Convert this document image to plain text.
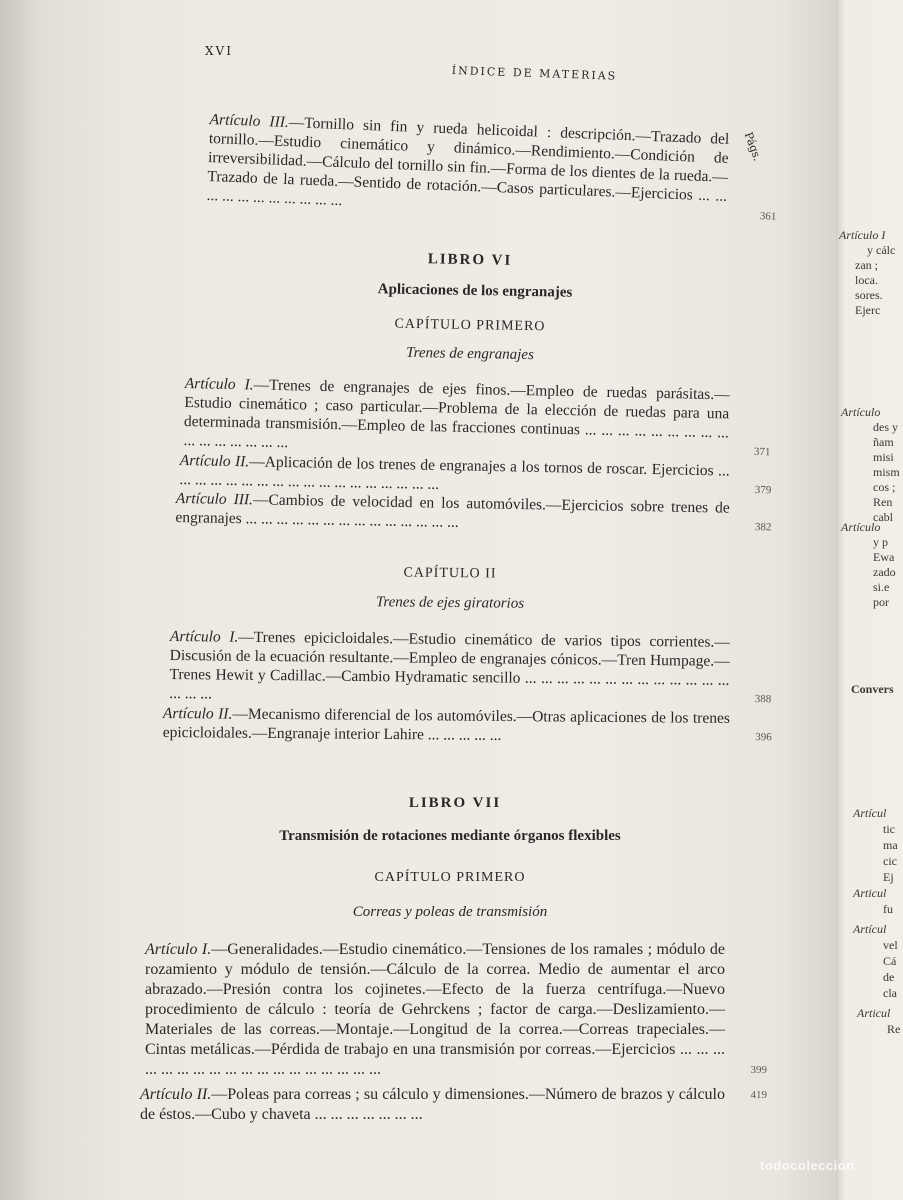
XVI
ÍNDICE DE MATERIAS
Págs.
Artículo III.—Tornillo sin fin y rueda helicoidal : descripción.—Trazado del tornillo.—Estudio cinemático y dinámico.—Rendimiento.—Condición de irreversibilidad.—Cálculo del tornillo sin fin.—Forma de los dientes de la rueda.—Trazado de la rueda.—Sentido de rotación.—Casos particulares.—Ejercicios ... ... ... ... ... ... ... ... ... ... ...
361
LIBRO VI
Aplicaciones de los engranajes
CAPÍTULO PRIMERO
Trenes de engranajes
Artículo I.—Trenes de engranajes de ejes finos.—Empleo de ruedas parásitas.—Estudio cinemático ; caso particular.—Problema de la elección de ruedas para una determinada transmisión.—Empleo de las fracciones continuas ... ... ... ... ... ... ... ... ... ... ... ... ... ... ... ...
371
Artículo II.—Aplicación de los trenes de engranajes a los tornos de roscar. Ejercicios ... ... ... ... ... ... ... ... ... ... ... ... ... ... ... ... ... ...	379
Artículo III.—Cambios de velocidad en los automóviles.—Ejercicios sobre trenes de engranajes ... ... ... ... ... ... ... ... ... ... ... ... ... ...	382
CAPÍTULO II
Trenes de ejes giratorios
Artículo I.—Trenes epicicloidales.—Estudio cinemático de varios tipos corrientes.—Discusión de la ecuación resultante.—Empleo de engranajes cónicos.—Tren Humpage.—Trenes Hewit y Cadillac.—Cambio Hydramatic sencillo ... ... ... ... ... ... ... ... ... ... ... ... ... ... ... ...	388
Artículo II.—Mecanismo diferencial de los automóviles.—Otras aplicaciones de los trenes epicicloidales.—Engranaje interior Lahire ... ... ... ... ...	396
LIBRO VII
Transmisión de rotaciones mediante órganos flexibles
CAPÍTULO PRIMERO
Correas y poleas de transmisión
Artículo I.—Generalidades.—Estudio cinemático.—Tensiones de los ramales ; módulo de rozamiento y módulo de tensión.—Cálculo de la correa. Medio de aumentar el arco abrazado.—Presión contra los cojinetes.—Efecto de la fuerza centrífuga.—Nuevo procedimiento de cálculo : teoría de Gehrckens ; factor de carga.—Deslizamiento.—Materiales de las correas.—Montaje.—Longitud de la correa.—Correas trapeciales.—Cintas metálicas.—Pérdida de trabajo en una transmisión por correas.—Ejercicios ... ... ... ... ... ... ... ... ... ... ... ... ... ... ... ... ... ...	399
Artículo II.—Poleas para correas ; su cálculo y dimensiones.—Número de brazos y cálculo de éstos.—Cubo y chaveta ... ... ... ... ... ... ...
419
Artículo I
y cálc
zan ;
loca.
sores.
Ejerc
Artículo
des y
ñam
misi
mism
cos ;
Ren
cabl
Artículo
y p
Ewa
zado
si.e
por
Convers
Artícul
tic
ma
cic
Ej
Articul
fu
Artícul
vel
Cá
de
cla
Articul
Re
todocoleccion
